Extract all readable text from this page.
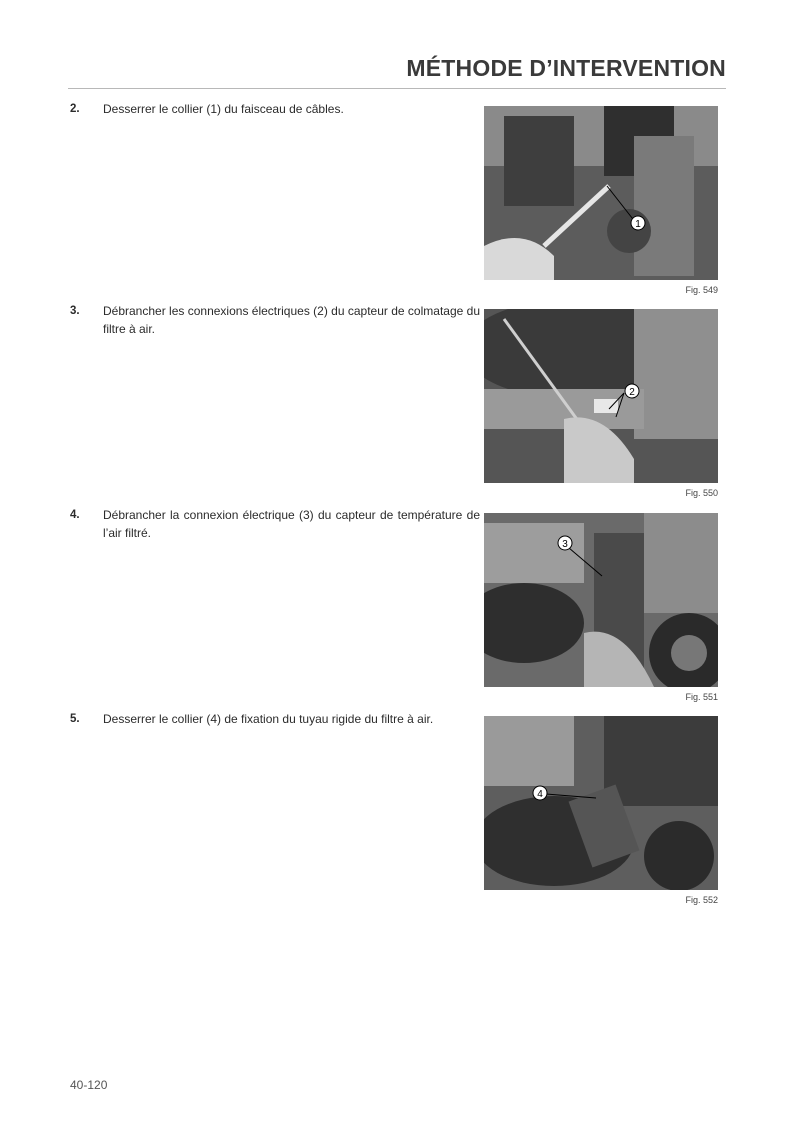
MÉTHODE D’INTERVENTION
2. Desserrer le collier (1) du faisceau de câbles.

1
Fig. 549
3. Débrancher les connexions électriques (2) du capteur de colmatage du filtre à air.

2
Fig. 550
4. Débrancher la connexion électrique (3) du capteur de température de l’air filtré.

3
Fig. 551
5. Desserrer le collier (4) de fixation du tuyau rigide du filtre à air.

4
Fig. 552
40-120
